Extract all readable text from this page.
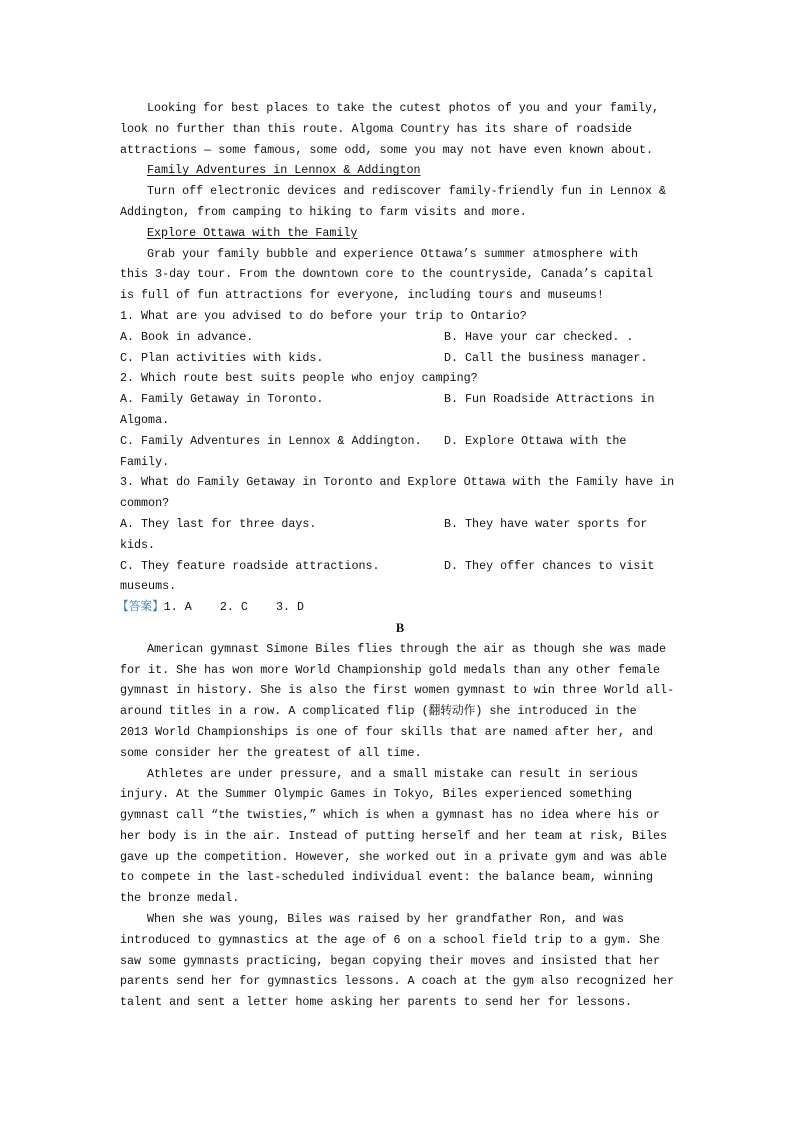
Looking for best places to take the cutest photos of you and your family,
look no further than this route. Algoma Country has its share of roadside
attractions — some famous, some odd, some you may not have even known about.
Family Adventures in Lennox & Addington
Turn off electronic devices and rediscover family-friendly fun in Lennox &
Addington, from camping to hiking to farm visits and more.
Explore Ottawa with the Family
Grab your family bubble and experience Ottawa’s summer atmosphere with
this 3-day tour. From the downtown core to the countryside, Canada’s capital
is full of fun attractions for everyone, including tours and museums!
1. What are you advised to do before your trip to Ontario?
A. Book in advance.	B. Have your car checked. .
C. Plan activities with kids.	D. Call the business manager.
2. Which route best suits people who enjoy camping?
A. Family Getaway in Toronto.	B. Fun Roadside Attractions in
Algoma.
C. Family Adventures in Lennox & Addington. D. Explore Ottawa with the
Family.
3. What do Family Getaway in Toronto and Explore Ottawa with the Family have in
common?
A. They last for three days.	B. They have water sports for
kids.
C. They feature roadside attractions.	D. They offer chances to visit
museums.
【答案】1. A    2. C    3. D
B
American gymnast Simone Biles flies through the air as though she was made
for it. She has won more World Championship gold medals than any other female
gymnast in history. She is also the first women gymnast to win three World all-
around titles in a row. A complicated flip (翻转动作) she introduced in the
2013 World Championships is one of four skills that are named after her, and
some consider her the greatest of all time.
Athletes are under pressure, and a small mistake can result in serious
injury. At the Summer Olympic Games in Tokyo, Biles experienced something
gymnast call “the twisties,” which is when a gymnast has no idea where his or
her body is in the air. Instead of putting herself and her team at risk, Biles
gave up the competition. However, she worked out in a private gym and was able
to compete in the last-scheduled individual event: the balance beam, winning
the bronze medal.
When she was young, Biles was raised by her grandfather Ron, and was
introduced to gymnastics at the age of 6 on a school field trip to a gym. She
saw some gymnasts practicing, began copying their moves and insisted that her
parents send her for gymnastics lessons. A coach at the gym also recognized her
talent and sent a letter home asking her parents to send her for lessons.
